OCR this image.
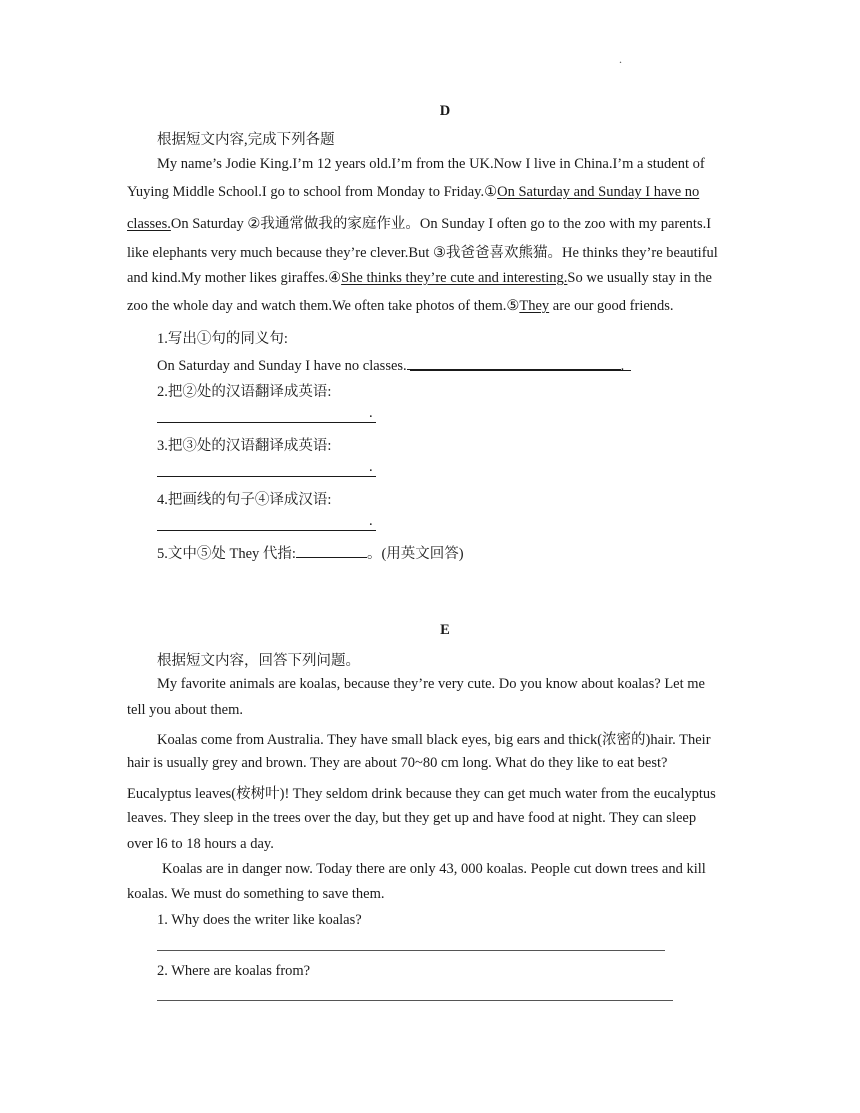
.
D
根据短文内容,完成下列各题
My name’s Jodie King.I’m 12 years old.I’m from the UK.Now I live in China.I’m a student of
Yuying Middle School.I go to school from Monday to Friday.①On Saturday and Sunday I have no
classes.On Saturday ②我通常做我的家庭作业。On Sunday I often go to the zoo with my parents.I
like elephants very much because they’re clever.But ③我爸爸喜欢熊猫。He thinks they’re beautiful
and kind.My mother likes giraffes.④She thinks they’re cute and interesting.So we usually stay in the
zoo the whole day and watch them.We often take photos of them.⑤They are our good friends.
1.写出①句的同义句:
On Saturday and Sunday I have no classes.	.
2.把②处的汉语翻译成英语:
.
3.把③处的汉语翻译成英语:
.
4.把画线的句子④译成汉语:
.
5.文中⑤处 They 代指:	。(用英文回答)
E
根据短文内容，回答下列问题。
My favorite animals are koalas, because they’re very cute. Do you know about koalas? Let me
tell you about them.
Koalas come from Australia. They have small black eyes, big ears and thick(浓密的)hair. Their
hair is usually grey and brown. They are about 70~80 cm long. What do they like to eat best?
Eucalyptus leaves(桉树叶)! They seldom drink because they can get much water from the eucalyptus
leaves. They sleep in the trees over the day, but they get up and have food at night. They can sleep
over l6 to 18 hours a day.
Koalas are in danger now. Today there are only 43, 000 koalas. People cut down trees and kill
koalas. We must do something to save them.
1. Why does the writer like koalas?
2. Where are koalas from?
